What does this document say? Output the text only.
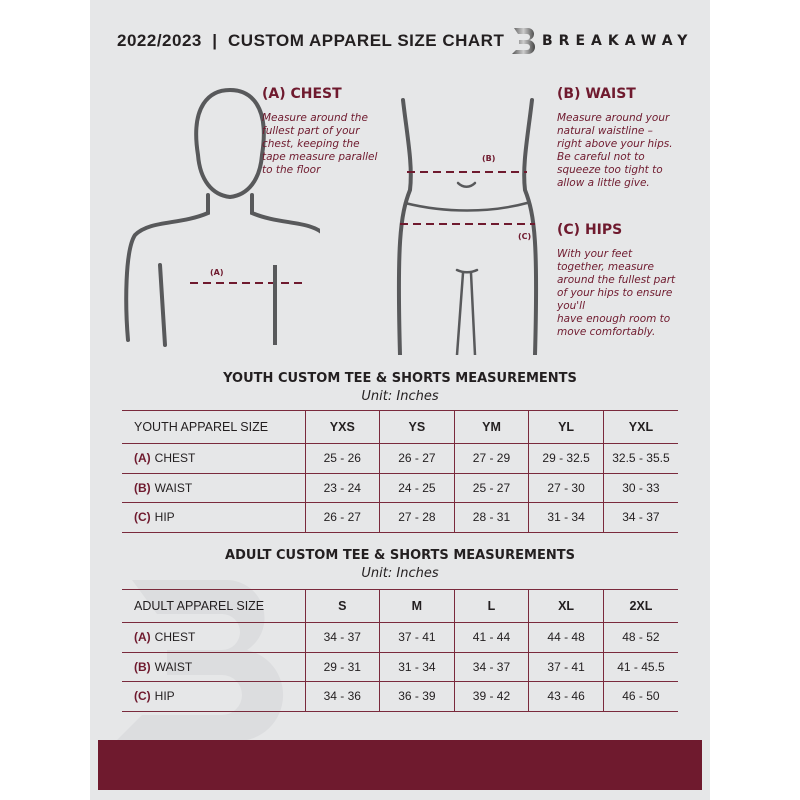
2022/2023  |  CUSTOM APPAREL SIZE CHART	BREAKAWAY
(A)
(B)
(C)
(A) CHEST
Measure around the
fullest part of your
chest, keeping the
tape measure parallel
to the floor
(B) WAIST
Measure around your
natural waistline –
right above your hips.
Be careful not to
squeeze too tight to
allow a little give.
(C) HIPS
With your feet
together, measure
around the fullest part
of your hips to ensure
you'll
have enough room to
move comfortably.
YOUTH CUSTOM TEE & SHORTS MEASUREMENTS
Unit: Inches
YOUTH APPAREL SIZE	YXS	YS	YM	YL	YXL
(A) CHEST	25 - 26	26 - 27	27 - 29	29 - 32.5	32.5 - 35.5
(B) WAIST	23 - 24	24 - 25	25 - 27	27 - 30	30 - 33
(C) HIP	26 - 27	27 - 28	28 - 31	31 - 34	34 - 37
ADULT CUSTOM TEE & SHORTS MEASUREMENTS
Unit: Inches
ADULT APPAREL SIZE	S	M	L	XL	2XL
(A) CHEST	34 - 37	37 - 41	41 - 44	44 - 48	48 - 52
(B) WAIST	29 - 31	31 - 34	34 - 37	37 - 41	41 - 45.5
(C) HIP	34 - 36	36 - 39	39 - 42	43 - 46	46 - 50
